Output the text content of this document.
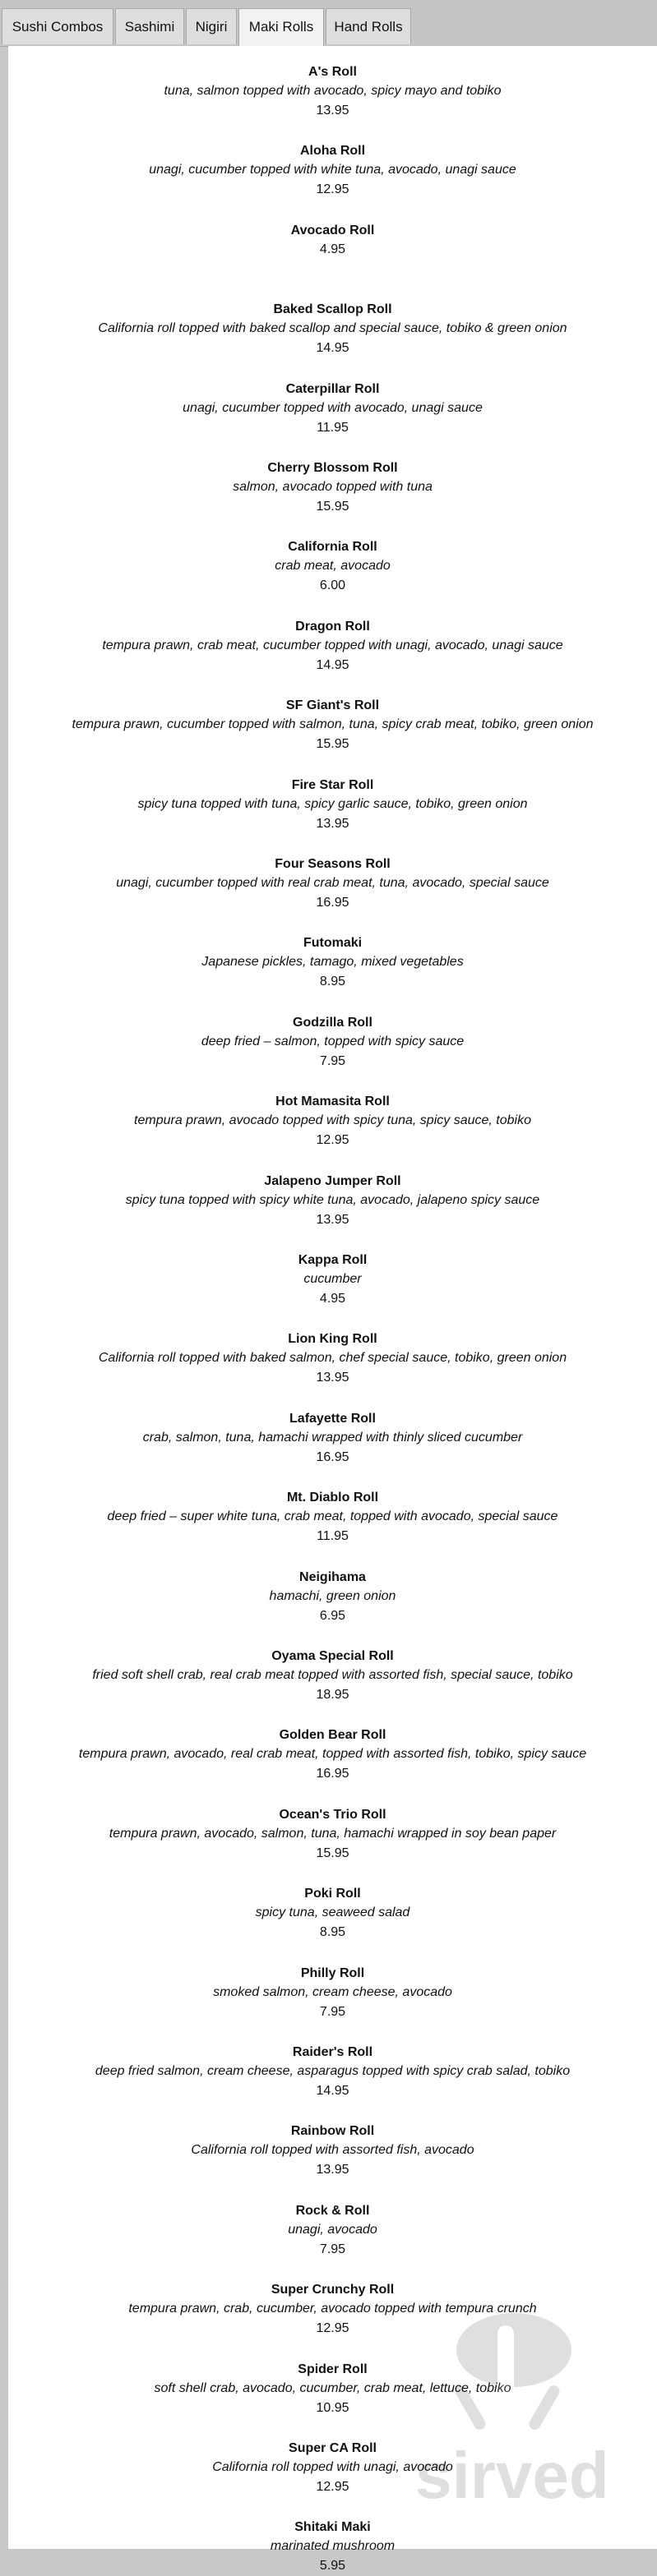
Sushi Combos	Sashimi	Nigiri	Maki Rolls	Hand Rolls
A's Roll
tuna, salmon topped with avocado, spicy mayo and tobiko
13.95
Aloha Roll
unagi, cucumber topped with white tuna, avocado, unagi sauce
12.95
Avocado Roll
4.95
Baked Scallop Roll
California roll topped with baked scallop and special sauce, tobiko & green onion
14.95
Caterpillar Roll
unagi, cucumber topped with avocado, unagi sauce
11.95
Cherry Blossom Roll
salmon, avocado topped with tuna
15.95
California Roll
crab meat, avocado
6.00
Dragon Roll
tempura prawn, crab meat, cucumber topped with unagi, avocado, unagi sauce
14.95
SF Giant's Roll
tempura prawn, cucumber topped with salmon, tuna, spicy crab meat, tobiko, green onion
15.95
Fire Star Roll
spicy tuna topped with tuna, spicy garlic sauce, tobiko, green onion
13.95
Four Seasons Roll
unagi, cucumber topped with real crab meat, tuna, avocado, special sauce
16.95
Futomaki
Japanese pickles, tamago, mixed vegetables
8.95
Godzilla Roll
deep fried – salmon, topped with spicy sauce
7.95
Hot Mamasita Roll
tempura prawn, avocado topped with spicy tuna, spicy sauce, tobiko
12.95
Jalapeno Jumper Roll
spicy tuna topped with spicy white tuna, avocado, jalapeno spicy sauce
13.95
Kappa Roll
cucumber
4.95
Lion King Roll
California roll topped with baked salmon, chef special sauce, tobiko, green onion
13.95
Lafayette Roll
crab, salmon, tuna, hamachi wrapped with thinly sliced cucumber
16.95
Mt. Diablo Roll
deep fried – super white tuna, crab meat, topped with avocado, special sauce
11.95
Neigihama
hamachi, green onion
6.95
Oyama Special Roll
fried soft shell crab, real crab meat topped with assorted fish, special sauce, tobiko
18.95
Golden Bear Roll
tempura prawn, avocado, real crab meat, topped with assorted fish, tobiko, spicy sauce
16.95
Ocean's Trio Roll
tempura prawn, avocado, salmon, tuna, hamachi wrapped in soy bean paper
15.95
Poki Roll
spicy tuna, seaweed salad
8.95
Philly Roll
smoked salmon, cream cheese, avocado
7.95
Raider's Roll
deep fried salmon, cream cheese, asparagus topped with spicy crab salad, tobiko
14.95
Rainbow Roll
California roll topped with assorted fish, avocado
13.95
Rock & Roll
unagi, avocado
7.95
Super Crunchy Roll
tempura prawn, crab, cucumber, avocado topped with tempura crunch
12.95
Spider Roll
soft shell crab, avocado, cucumber, crab meat, lettuce, tobiko
10.95
Super CA Roll
California roll topped with unagi, avocado
12.95
Shitaki Maki
marinated mushroom
5.95
